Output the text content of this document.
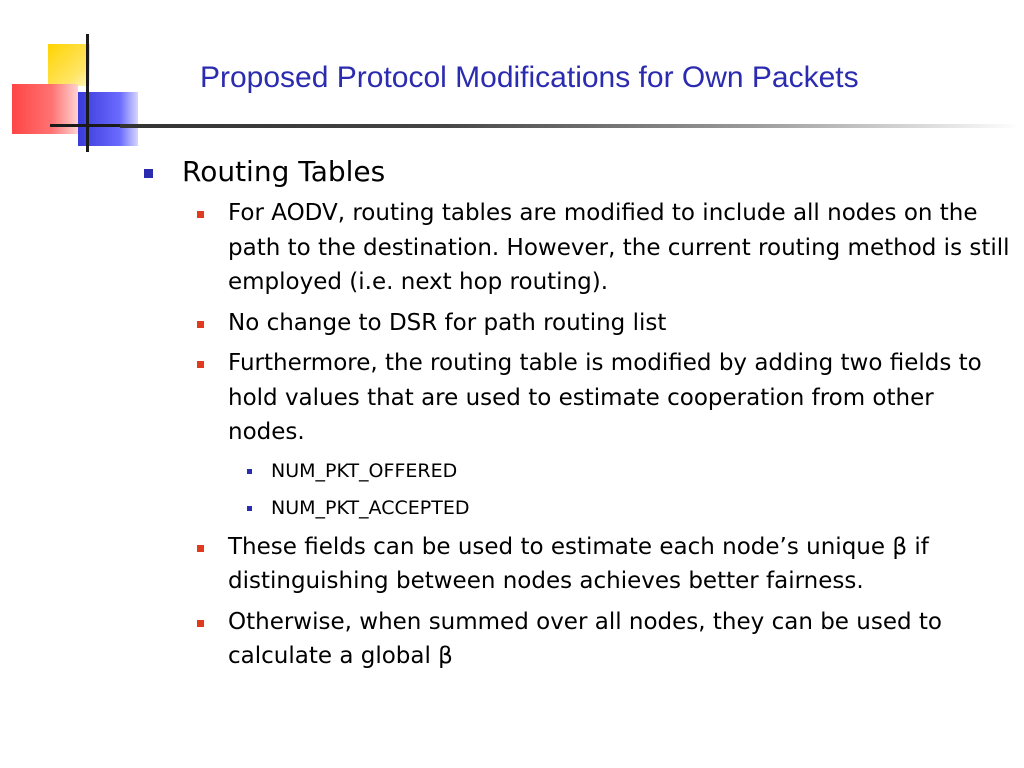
Proposed Protocol Modifications for Own Packets
Routing Tables
For AODV, routing tables are modified to include all nodes on the path to the destination. However, the current routing method is still employed (i.e. next hop routing).
No change to DSR for path routing list
Furthermore, the routing table is modified by adding two fields to hold values that are used to estimate cooperation from other nodes.
NUM_PKT_OFFERED
NUM_PKT_ACCEPTED
These fields can be used to estimate each node’s unique β if distinguishing between nodes achieves better fairness.
Otherwise, when summed over all nodes, they can be used to calculate a global β
